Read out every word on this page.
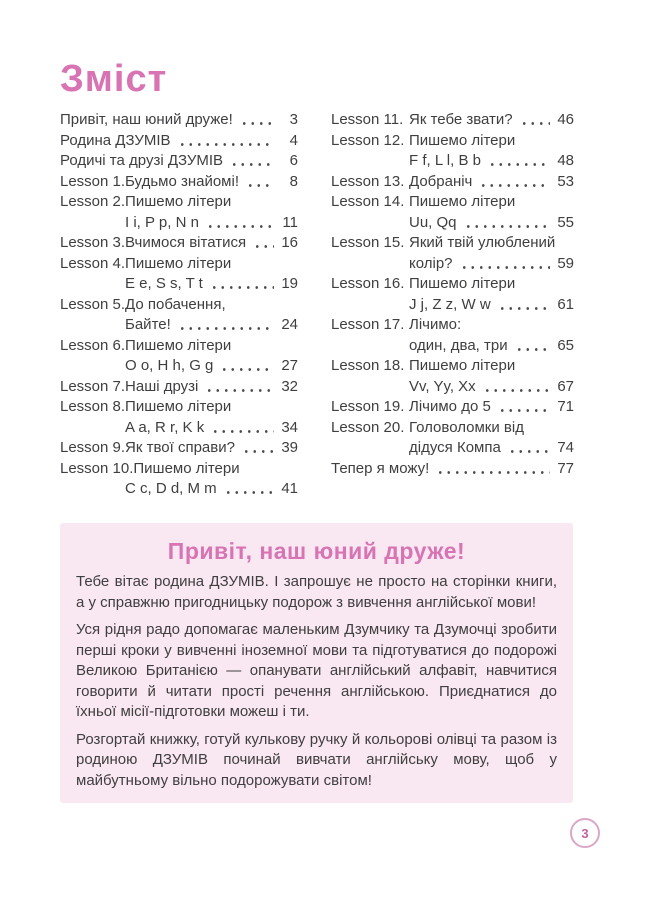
Зміст
Привіт, наш юний друже!	3
Родина ДЗУМІВ	4
Родичі та друзі ДЗУМІВ	6
Lesson 1. Будьмо знайомі!	8
Lesson 2. Пишемо літери
I i, P p, N n	11
Lesson 3. Вчимося вітатися 16
Lesson 4. Пишемо літери
E e, S s, T t	19
Lesson 5. До побачення,
Байте!	24
Lesson 6. Пишемо літери
O o, H h, G g	27
Lesson 7. Наші друзі	32
Lesson 8. Пишемо літери
A a, R r, K k	34
Lesson 9. Як твої справи?	39
Lesson 10. Пишемо літери
C c, D d, M m	41
Lesson 11. Як тебе звати?	46
Lesson 12. Пишемо літери
F f, L l, B b	48
Lesson 13. Добраніч	53
Lesson 14. Пишемо літери
Uu, Qq	55
Lesson 15. Який твій улюблений
колір?	59
Lesson 16. Пишемо літери
J j, Z z, W w	61
Lesson 17. Лічимо:
один, два, три	65
Lesson 18. Пишемо літери
Vv, Yy, Xx	67
Lesson 19. Лічимо до 5	71
Lesson 20. Головоломки від
дідуся Компа	74
Тепер я можу!	77
Привіт, наш юний друже!

Тебе вітає родина ДЗУМІВ. І запрошує не просто на сторінки книги, а у справжню пригодницьку подорож з вивчення англійської мови!

Уся рідня радо допомагає маленьким Дзумчику та Дзумочці зробити перші кроки у вивченні іноземної мови та підготуватися до подорожі Великою Британією — опанувати англійський алфавіт, навчитися говорити й читати прості речення англійською. Приєднатися до їхньої місії-підготовки можеш і ти.

Розгортай книжку, готуй кулькову ручку й кольорові олівці та разом із родиною ДЗУМІВ починай вивчати англійську мову, щоб у майбутньому вільно подорожувати світом!

3
